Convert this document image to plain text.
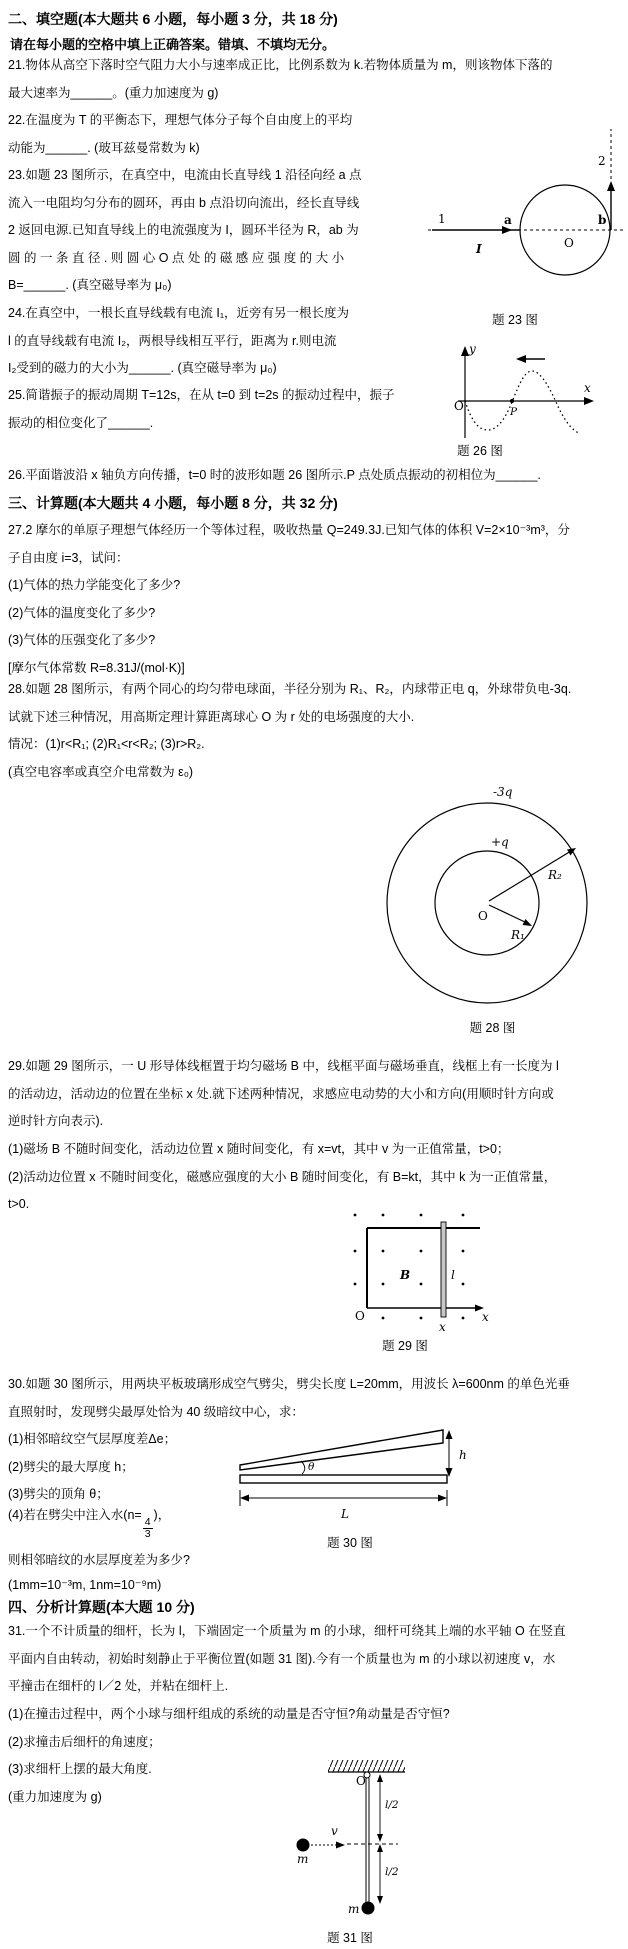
二、填空题(本大题共 6 小题，每小题 3 分，共 18 分)
请在每小题的空格中填上正确答案。错填、不填均无分。
21.物体从高空下落时空气阻力大小与速率成正比，比例系数为 k.若物体质量为 m，则该物体下落的
最大速率为______。(重力加速度为 g)
22.在温度为 T 的平衡态下，理想气体分子每个自由度上的平均
动能为______. (玻耳兹曼常数为 k)
23.如题 23 图所示，在真空中，电流由长直导线 1 沿径向经 a 点
流入一电阻均匀分布的圆环，再由 b 点沿切向流出，经长直导线
2 返回电源.已知直导线上的电流强度为 I，圆环半径为 R，ab 为
圆 的 一 条 直 径 . 则 圆 心 O 点 处 的 磁 感 应 强 度 的 大 小
B=______. (真空磁导率为 μ₀)
24.在真空中，一根长直导线载有电流 I₁，近旁有另一根长度为
l 的直导线载有电流 I₂，两根导线相互平行，距离为 r.则电流
I₂受到的磁力的大小为______. (真空磁导率为 μ₀)
25.简谐振子的振动周期 T=12s，在从 t=0 到 t=2s 的振动过程中，振子
振动的相位变化了______.
26.平面谐波沿 x 轴负方向传播，t=0 时的波形如题 26 图所示.P 点处质点振动的初相位为______.
1
2
a	b
O
I
题 23 图
y
x
O	P
题 26 图
三、计算题(本大题共 4 小题，每小题 8 分，共 32 分)
27.2 摩尔的单原子理想气体经历一个等体过程，吸收热量 Q=249.3J.已知气体的体积 V=2×10⁻³m³，分
子自由度 i=3，试问：
(1)气体的热力学能变化了多少?
(2)气体的温度变化了多少?
(3)气体的压强变化了多少?
[摩尔气体常数 R=8.31J/(mol·K)]
28.如题 28 图所示，有两个同心的均匀带电球面，半径分别为 R₁、R₂，内球带正电 q，外球带负电-3q.
试就下述三种情况，用高斯定理计算距离球心 O 为 r 处的电场强度的大小.
情况：(1)r<R₁; (2)R₁<r<R₂; (3)r>R₂.
(真空电容率或真空介电常数为 ε₀)
O
-3q
+q
R₁
R₂
题 28 图
29.如题 29 图所示，一 U 形导体线框置于均匀磁场 B 中，线框平面与磁场垂直，线框上有一长度为 l
的活动边，活动边的位置在坐标 x 处.就下述两种情况，求感应电动势的大小和方向(用顺时针方向或
逆时针方向表示).
(1)磁场 B 不随时间变化，活动边位置 x 随时间变化，有 x=vt，其中 v 为一正值常量，t>0；
(2)活动边位置 x 不随时间变化，磁感应强度的大小 B 随时间变化，有 B=kt，其中 k 为一正值常量，
t>0.
B	l
O	x
x
题 29 图
30.如题 30 图所示，用两块平板玻璃形成空气劈尖，劈尖长度 L=20mm，用波长 λ=600nm 的单色光垂
直照射时，发现劈尖最厚处恰为 40 级暗纹中心，求：
(1)相邻暗纹空气层厚度差Δe；
(2)劈尖的最大厚度 h；
(3)劈尖的顶角 θ；
(4)若在劈尖中注入水(n=
$\frac{4}{3}$
)，
则相邻暗纹的水层厚度差为多少?
(1mm=10⁻³m, 1nm=10⁻⁹m)
θ
h
L
题 30 图
四、分析计算题(本大题 10 分)
31.一个不计质量的细杆，长为 l，下端固定一个质量为 m 的小球，细杆可绕其上端的水平轴 O 在竖直
平面内自由转动，初始时刻静止于平衡位置(如题 31 图).今有一个质量也为 m 的小球以初速度 v，水
平撞击在细杆的 l／2 处，并粘在细杆上.
(1)在撞击过程中，两个小球与细杆组成的系统的动量是否守恒?角动量是否守恒?
(2)求撞击后细杆的角速度；
(3)求细杆上摆的最大角度.
(重力加速度为 g)
O
v
m
l/2
l/2
m
题 31 图
